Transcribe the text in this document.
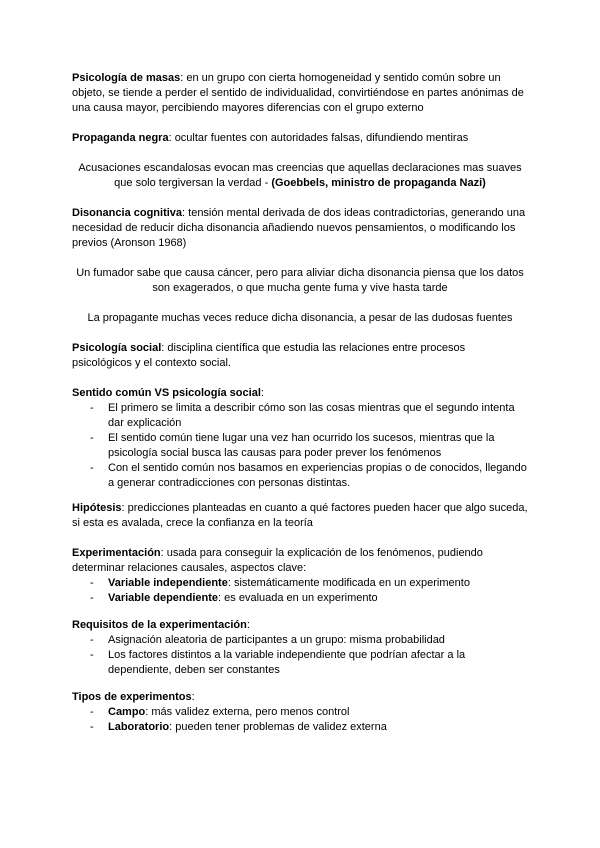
Psicología de masas: en un grupo con cierta homogeneidad y sentido común sobre un objeto, se tiende a perder el sentido de individualidad, convirtiéndose en partes anónimas de una causa mayor, percibiendo mayores diferencias con el grupo externo

Propaganda negra: ocultar fuentes con autoridades falsas, difundiendo mentiras

Acusaciones escandalosas evocan mas creencias que aquellas declaraciones mas suaves que solo tergiversan la verdad - (Goebbels, ministro de propaganda Nazi)

Disonancia cognitiva: tensión mental derivada de dos ideas contradictorias, generando una necesidad de reducir dicha disonancia añadiendo nuevos pensamientos, o modificando los previos (Aronson 1968)

Un fumador sabe que causa cáncer, pero para aliviar dicha disonancia piensa que los datos son exagerados, o que mucha gente fuma y vive hasta tarde

La propagante muchas veces reduce dicha disonancia, a pesar de las dudosas fuentes

Psicología social: disciplina científica que estudia las relaciones entre procesos psicológicos y el contexto social.

Sentido común VS psicología social:

- El primero se limita a describir cómo son las cosas mientras que el segundo intenta dar explicación
- El sentido común tiene lugar una vez han ocurrido los sucesos, mientras que la psicología social busca las causas para poder prever los fenómenos
- Con el sentido común nos basamos en experiencias propias o de conocidos, llegando a generar contradicciones con personas distintas.

Hipótesis: predicciones planteadas en cuanto a qué factores pueden hacer que algo suceda, si esta es avalada, crece la confianza en la teoría

Experimentación: usada para conseguir la explicación de los fenómenos, pudiendo determinar relaciones causales, aspectos clave:

- Variable independiente: sistemáticamente modificada en un experimento
- Variable dependiente: es evaluada en un experimento

Requisitos de la experimentación:

- Asignación aleatoria de participantes a un grupo: misma probabilidad
- Los factores distintos a la variable independiente que podrían afectar a la dependiente, deben ser constantes

Tipos de experimentos:

- Campo: más validez externa, pero menos control
- Laboratorio: pueden tener problemas de validez externa
